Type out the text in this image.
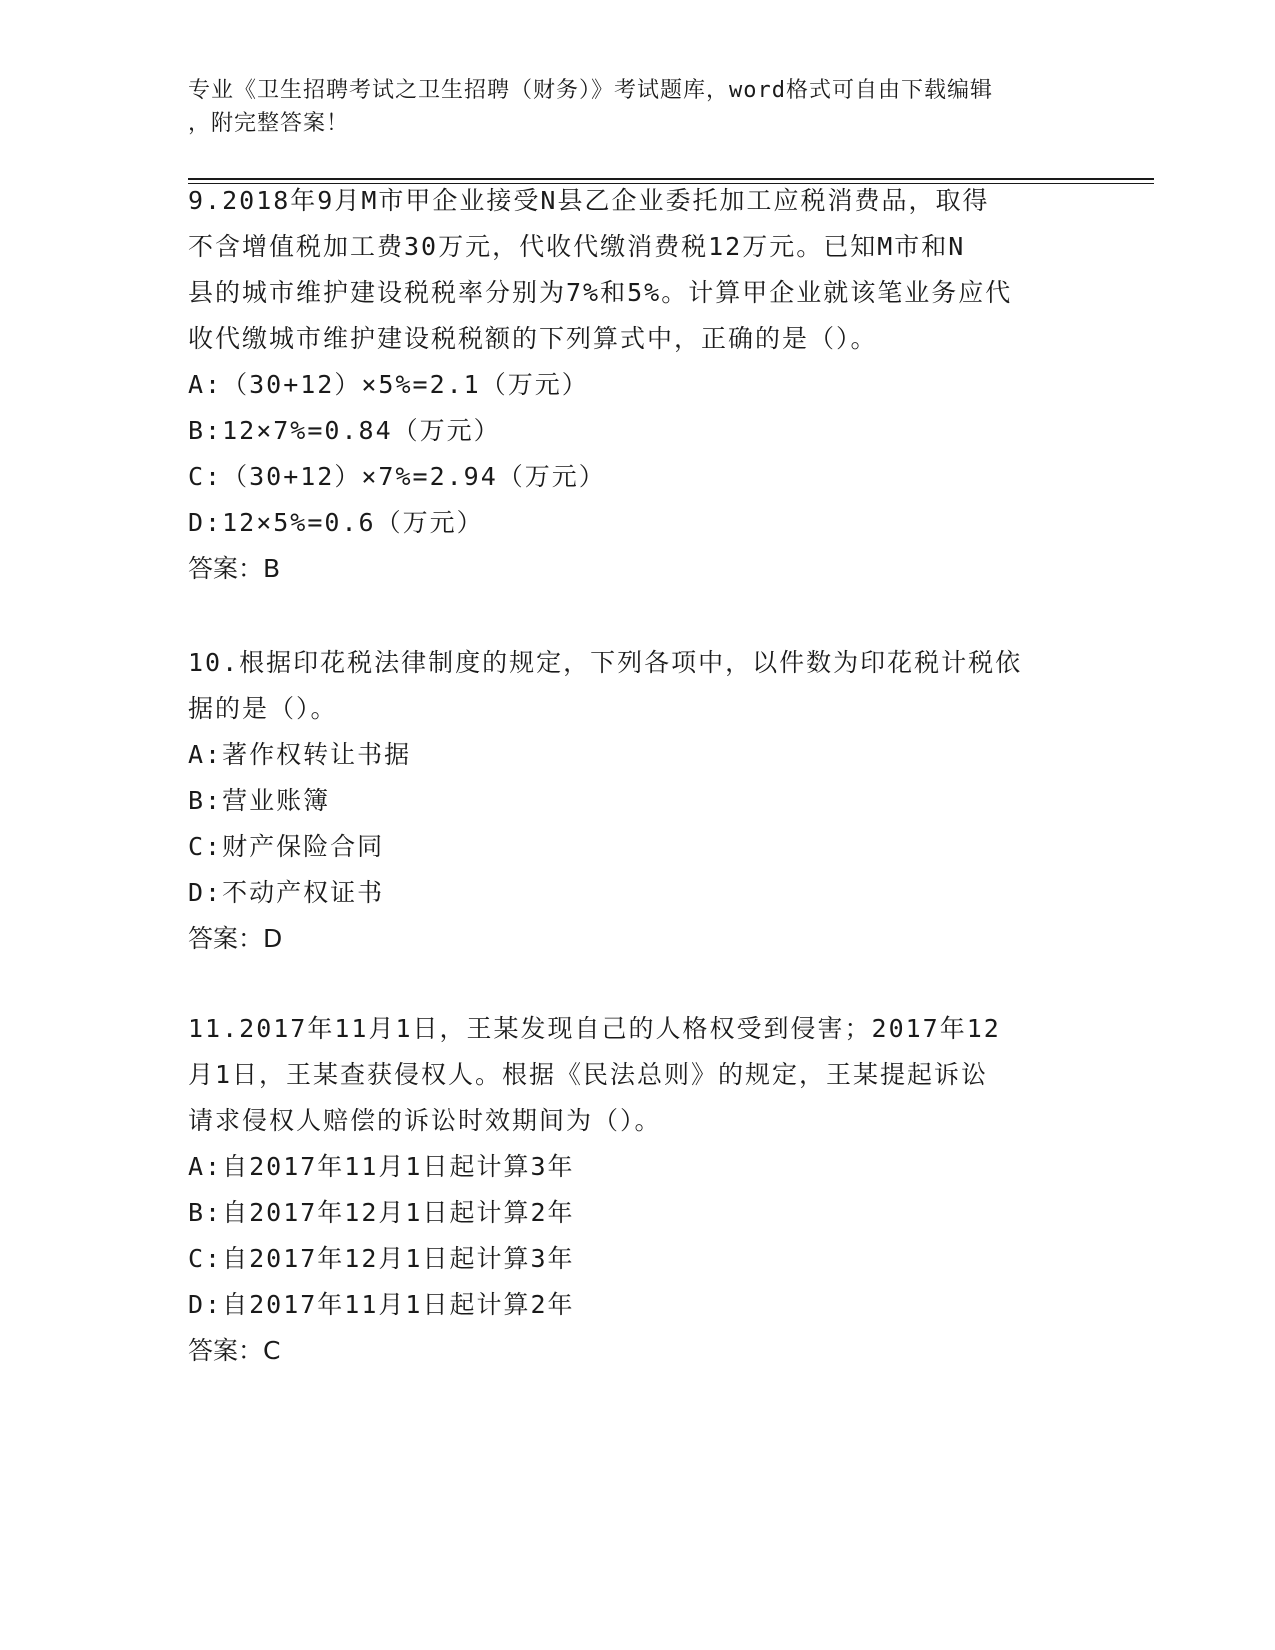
专业《卫生招聘考试之卫生招聘（财务）》考试题库，word格式可自由下载编辑
，附完整答案！

9.2018年9月M市甲企业接受N县乙企业委托加工应税消费品，取得

不含增值税加工费30万元，代收代缴消费税12万元。已知M市和N

县的城市维护建设税税率分别为7%和5%。计算甲企业就该笔业务应代

收代缴城市维护建设税税额的下列算式中，正确的是（）。

A:（30+12）×5%=2.1（万元）

B:12×7%=0.84（万元）

C:（30+12）×7%=2.94（万元）

D:12×5%=0.6（万元）

答案：B

10.根据印花税法律制度的规定，下列各项中，以件数为印花税计税依

据的是（）。

A:著作权转让书据

B:营业账簿

C:财产保险合同

D:不动产权证书

答案：D

11.2017年11月1日，王某发现自己的人格权受到侵害；2017年12

月1日，王某查获侵权人。根据《民法总则》的规定，王某提起诉讼

请求侵权人赔偿的诉讼时效期间为（）。

A:自2017年11月1日起计算3年

B:自2017年12月1日起计算2年

C:自2017年12月1日起计算3年

D:自2017年11月1日起计算2年

答案：C
